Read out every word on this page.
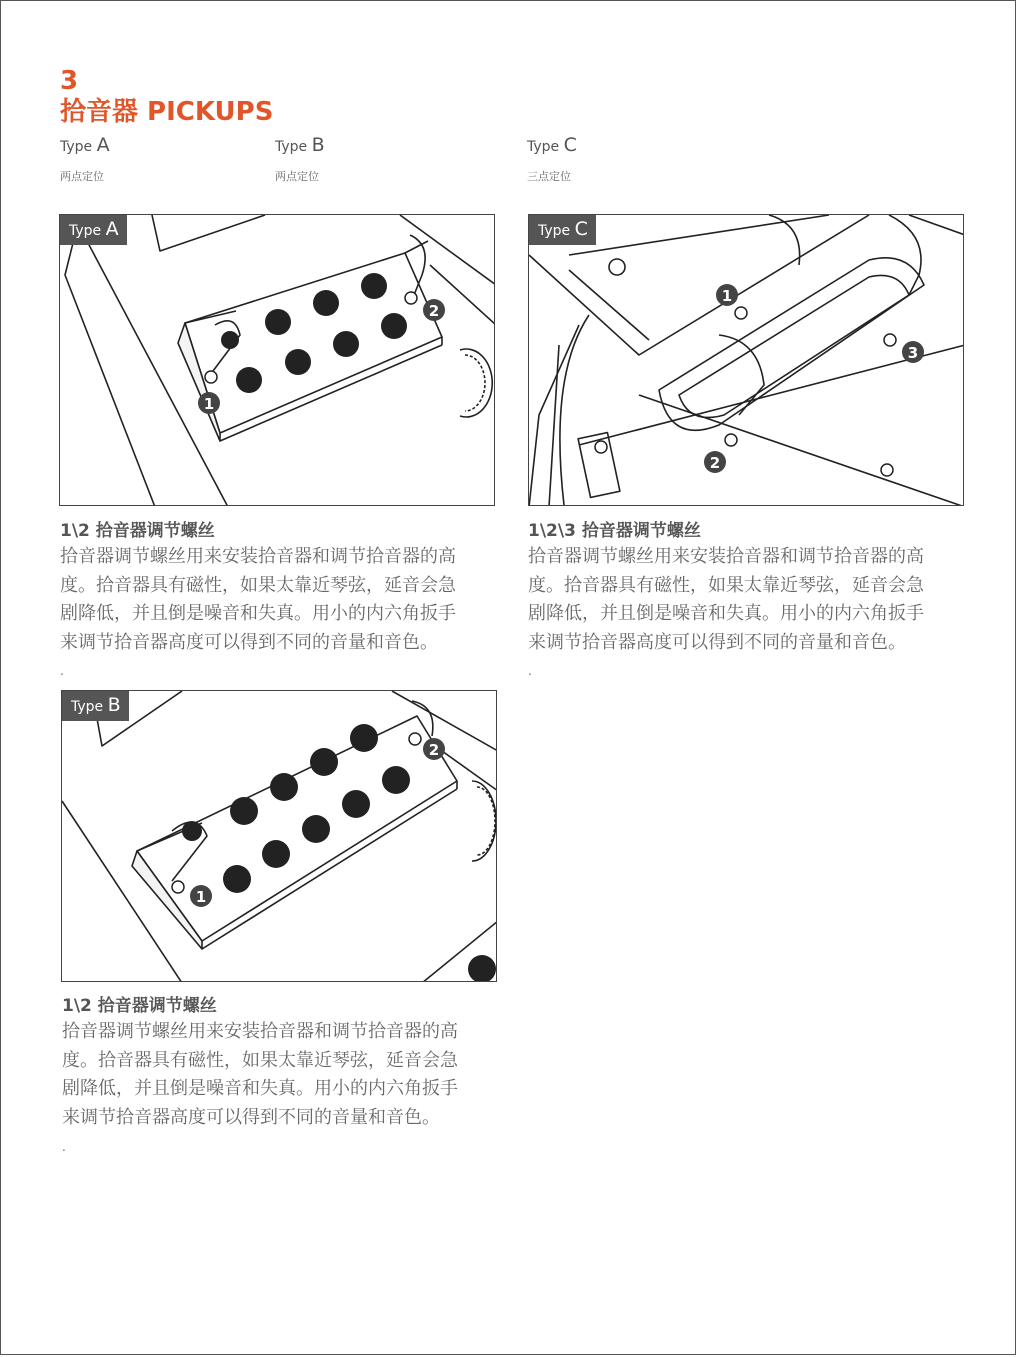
3
拾音器 PICKUPS
Type A
两点定位
Type B
两点定位
Type C
三点定位
1
2
Type A
1
2
3
Type C
1\2 拾音器调节螺丝
拾音器调节螺丝用来安装拾音器和调节拾音器的高
度。拾音器具有磁性，如果太靠近琴弦，延音会急
剧降低，并且倒是噪音和失真。用小的内六角扳手
来调节拾音器高度可以得到不同的音量和音色。
.
1\2\3 拾音器调节螺丝
拾音器调节螺丝用来安装拾音器和调节拾音器的高
度。拾音器具有磁性，如果太靠近琴弦，延音会急
剧降低，并且倒是噪音和失真。用小的内六角扳手
来调节拾音器高度可以得到不同的音量和音色。
.
1
2
Type B
1\2 拾音器调节螺丝
拾音器调节螺丝用来安装拾音器和调节拾音器的高
度。拾音器具有磁性，如果太靠近琴弦，延音会急
剧降低，并且倒是噪音和失真。用小的内六角扳手
来调节拾音器高度可以得到不同的音量和音色。
.
